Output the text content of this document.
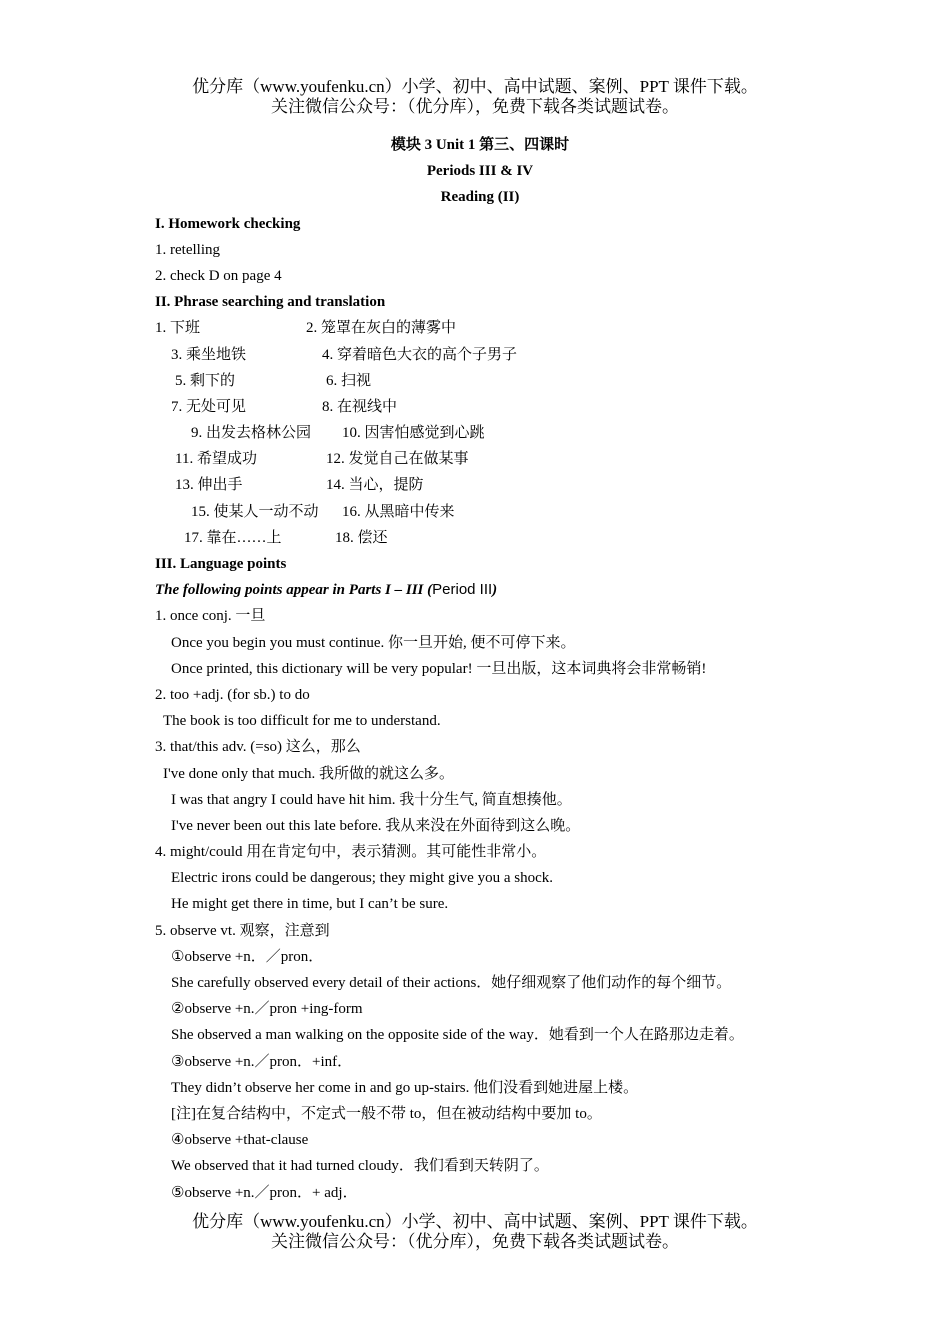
优分库（www.youfenku.cn）小学、初中、高中试题、案例、PPT 课件下载。
关注微信公众号：（优分库），免费下载各类试题试卷。
模块 3 Unit 1 第三、四课时
Periods III & IV
Reading (II)
I. Homework checking
1. retelling
2. check D on page 4
II. Phrase searching and translation
1. 下班	2. 笼罩在灰白的薄雾中
3. 乘坐地铁	4. 穿着暗色大衣的高个子男子
5. 剩下的	6. 扫视
7. 无处可见	8. 在视线中
9. 出发去格林公园 10. 因害怕感觉到心跳
11. 希望成功	12. 发觉自己在做某事
13. 伸出手	14. 当心，提防
15. 使某人一动不动 16. 从黑暗中传来
17. 靠在……上	18. 偿还
III. Language points
The following points appear in Parts I – III (Period III)
1. once conj. 一旦
Once you begin you must continue. 你一旦开始, 便不可停下来。
Once printed, this dictionary will be very popular! 一旦出版，这本词典将会非常畅销!
2. too +adj. (for sb.) to do
The book is too difficult for me to understand.
3. that/this adv. (=so) 这么，那么
I've done only that much. 我所做的就这么多。
I was that angry I could have hit him. 我十分生气, 简直想揍他。
I've never been out this late before. 我从来没在外面待到这么晚。
4. might/could 用在肯定句中，表示猜测。其可能性非常小。
Electric irons could be dangerous; they might give you a shock.
He might get there in time, but I can’t be sure.
5. observe vt. 观察，注意到
①observe +n．／pron．
She carefully observed every detail of their actions．她仔细观察了他们动作的每个细节。
②observe +n.／pron +ing-form
She observed a man walking on the opposite side of the way．她看到一个人在路那边走着。
③observe +n.／pron．+inf．
They didn’t observe her come in and go up-stairs. 他们没看到她进屋上楼。
[注]在复合结构中，不定式一般不带 to，但在被动结构中要加 to。
④observe +that-clause
We observed that it had turned cloudy．我们看到天转阴了。
⑤observe +n.／pron．+ adj．
优分库（www.youfenku.cn）小学、初中、高中试题、案例、PPT 课件下载。
关注微信公众号：（优分库），免费下载各类试题试卷。
